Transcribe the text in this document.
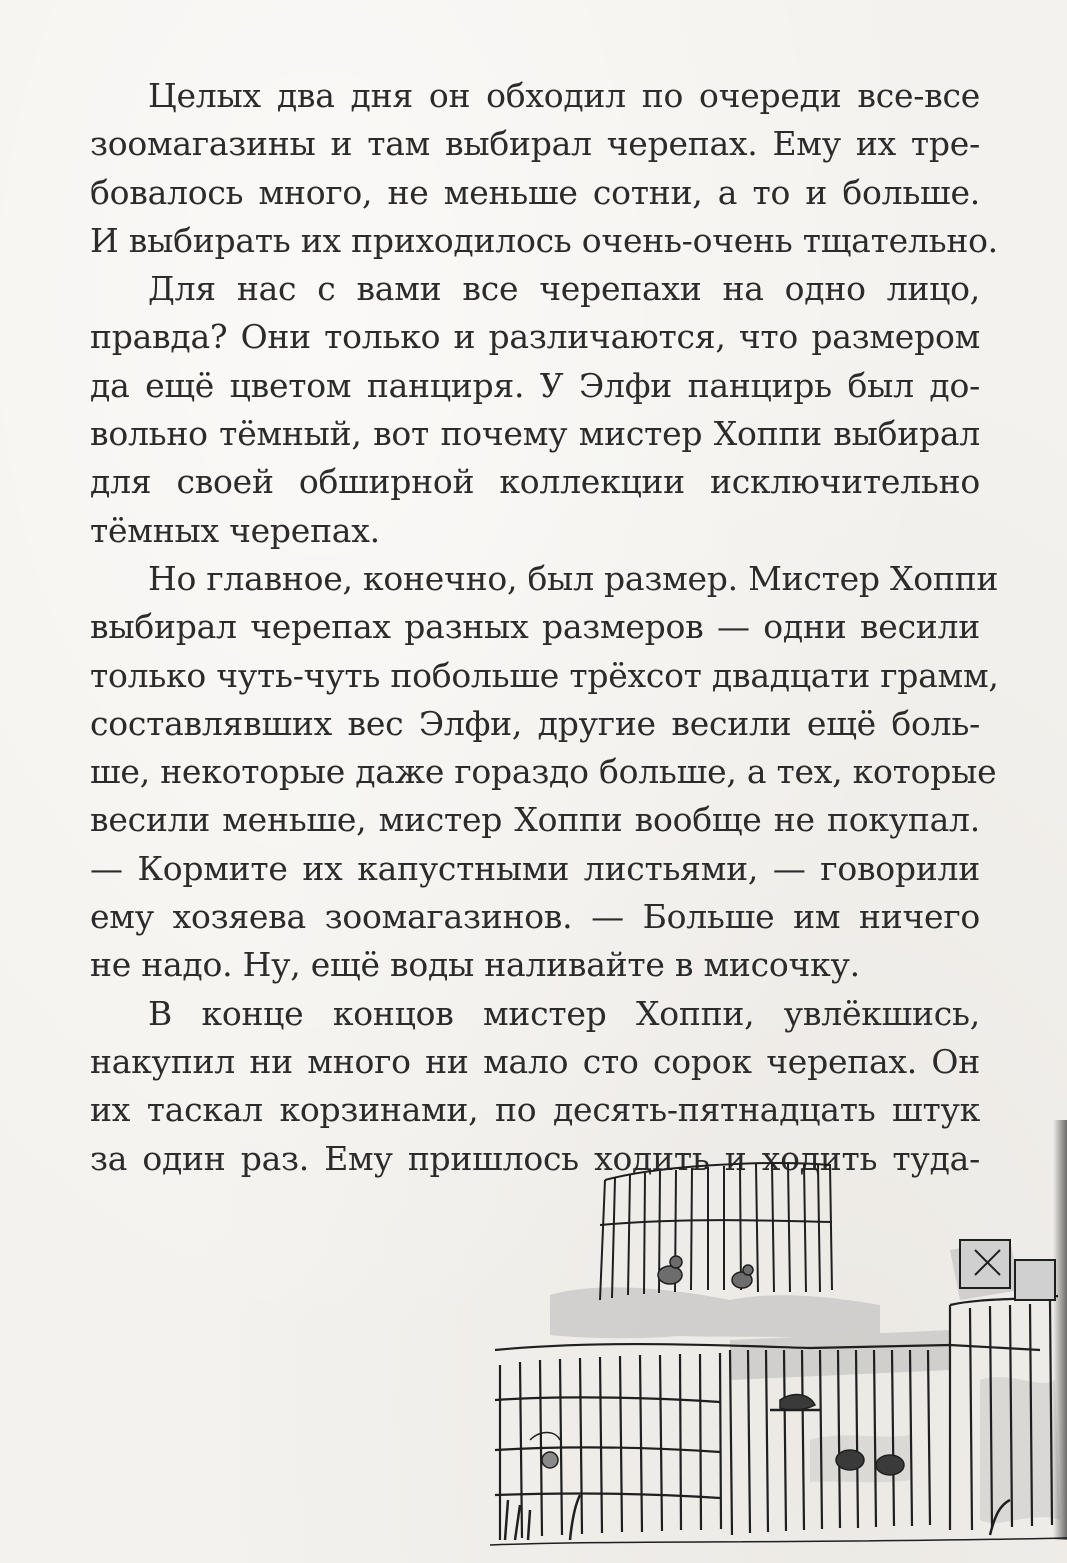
Целых два дня он обходил по очереди все-все
зоомагазины и там выбирал черепах. Ему их тре-
бовалось много, не меньше сотни, а то и больше.
И выбирать их приходилось очень-очень тщательно.
Для нас с вами все черепахи на одно лицо,
правда? Они только и различаются, что размером
да ещё цветом панциря. У Элфи панцирь был до-
вольно тёмный, вот почему мистер Хоппи выбирал
для своей обширной коллекции исключительно
тёмных черепах.
Но главное, конечно, был размер. Мистер Хоппи
выбирал черепах разных размеров — одни весили
только чуть-чуть побольше трёхсот двадцати грамм,
составлявших вес Элфи, другие весили ещё боль-
ше, некоторые даже гораздо больше, а тех, которые
весили меньше, мистер Хоппи вообще не покупал.
— Кормите их капустными листьями, — говорили
ему хозяева зоомагазинов. — Больше им ничего
не надо. Ну, ещё воды наливайте в мисочку.
В конце концов мистер Хоппи, увлёкшись,
накупил ни много ни мало сто сорок черепах. Он
их таскал корзинами, по десять-пятнадцать штук
за один раз. Ему пришлось ходить и ходить туда-
